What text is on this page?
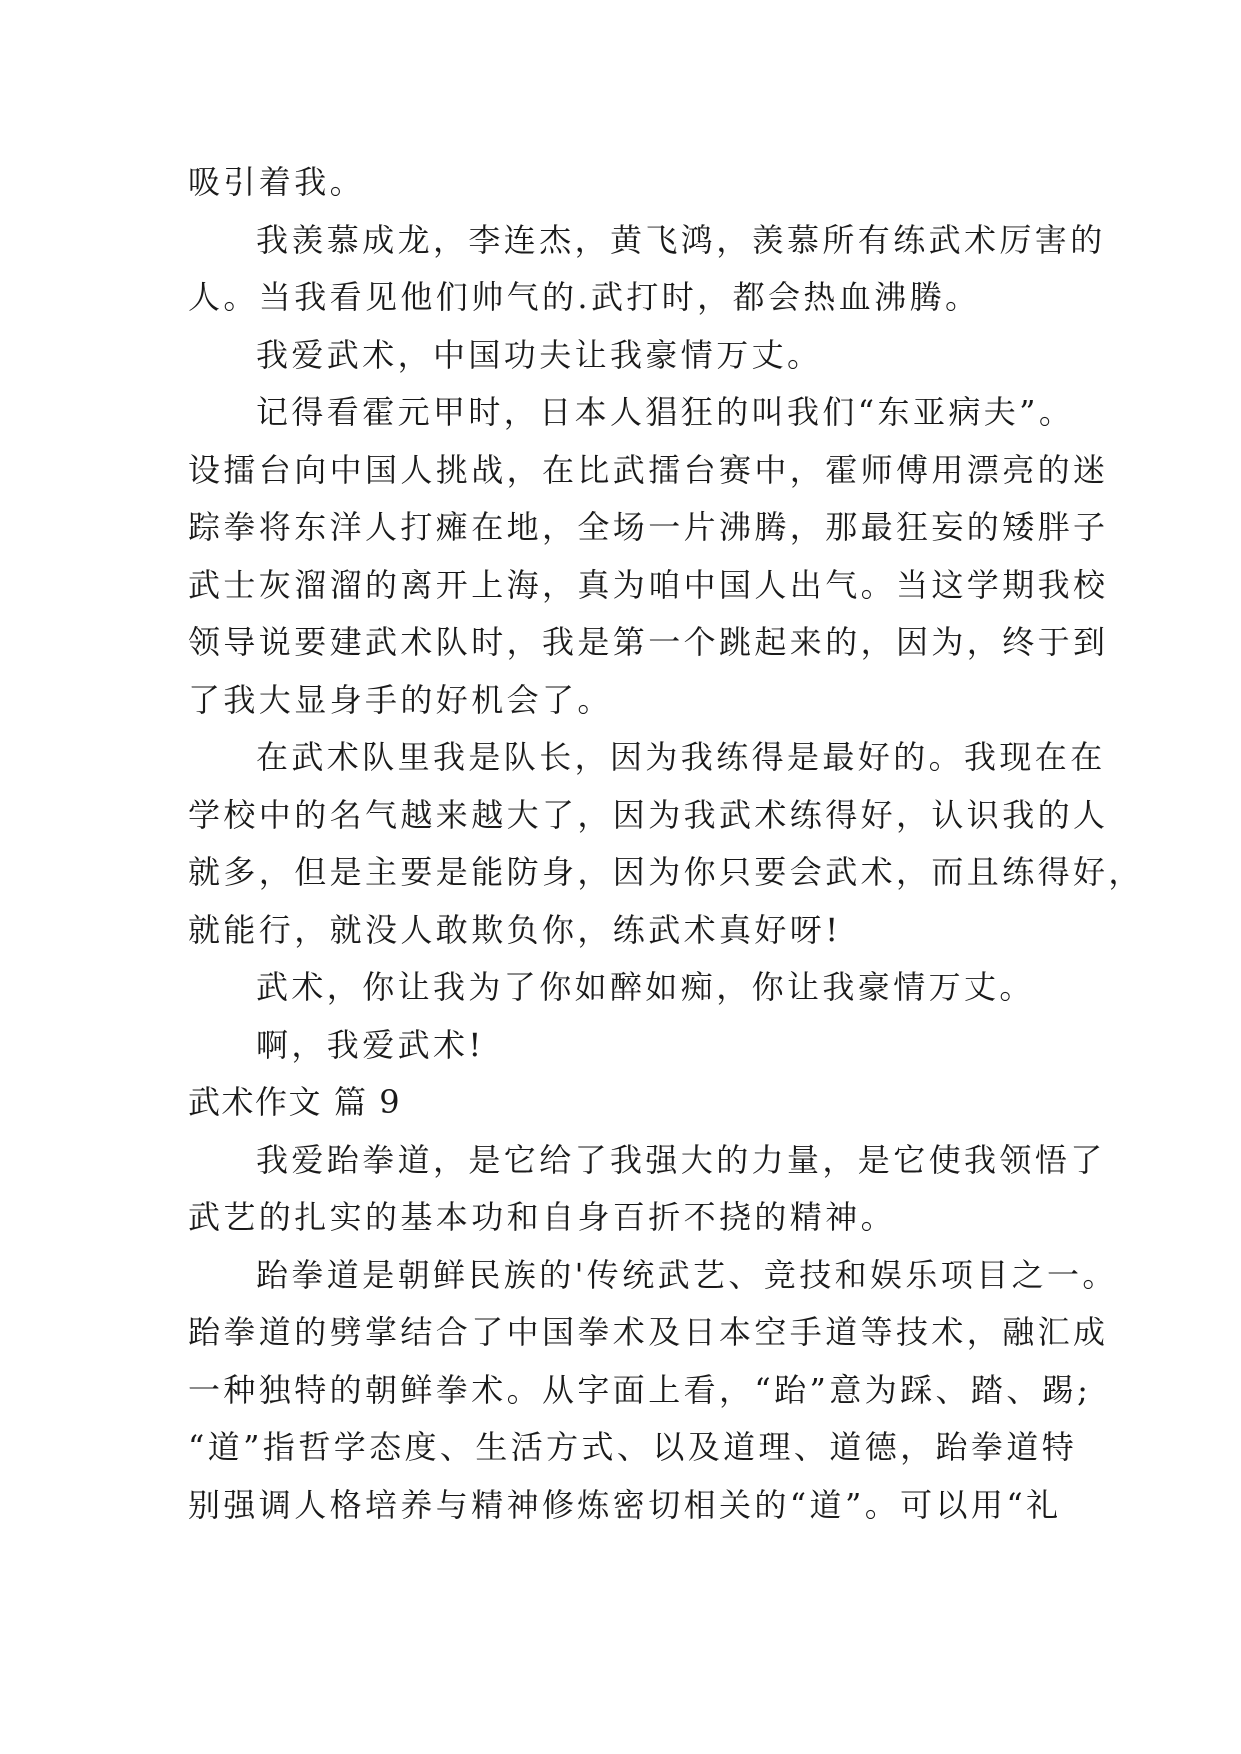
吸引着我。
我羡慕成龙，李连杰，黄飞鸿，羡慕所有练武术厉害的
人。当我看见他们帅气的.武打时，都会热血沸腾。
我爱武术，中国功夫让我豪情万丈。
记得看霍元甲时，日本人猖狂的叫我们“东亚病夫”。
设擂台向中国人挑战，在比武擂台赛中，霍师傅用漂亮的迷
踪拳将东洋人打瘫在地，全场一片沸腾，那最狂妄的矮胖子
武士灰溜溜的离开上海，真为咱中国人出气。当这学期我校
领导说要建武术队时，我是第一个跳起来的，因为，终于到
了我大显身手的好机会了。
在武术队里我是队长，因为我练得是最好的。我现在在
学校中的名气越来越大了，因为我武术练得好，认识我的人
就多，但是主要是能防身，因为你只要会武术，而且练得好，
就能行，就没人敢欺负你，练武术真好呀!
武术，你让我为了你如醉如痴，你让我豪情万丈。
啊，我爱武术!
武术作文 篇 9
我爱跆拳道，是它给了我强大的力量，是它使我领悟了
武艺的扎实的基本功和自身百折不挠的精神。
跆拳道是朝鲜民族的'传统武艺、竞技和娱乐项目之一。
跆拳道的劈掌结合了中国拳术及日本空手道等技术，融汇成
一种独特的朝鲜拳术。从字面上看，“跆”意为踩、踏、踢;
“道”指哲学态度、生活方式、以及道理、道德，跆拳道特
别强调人格培养与精神修炼密切相关的“道”。可以用“礼
